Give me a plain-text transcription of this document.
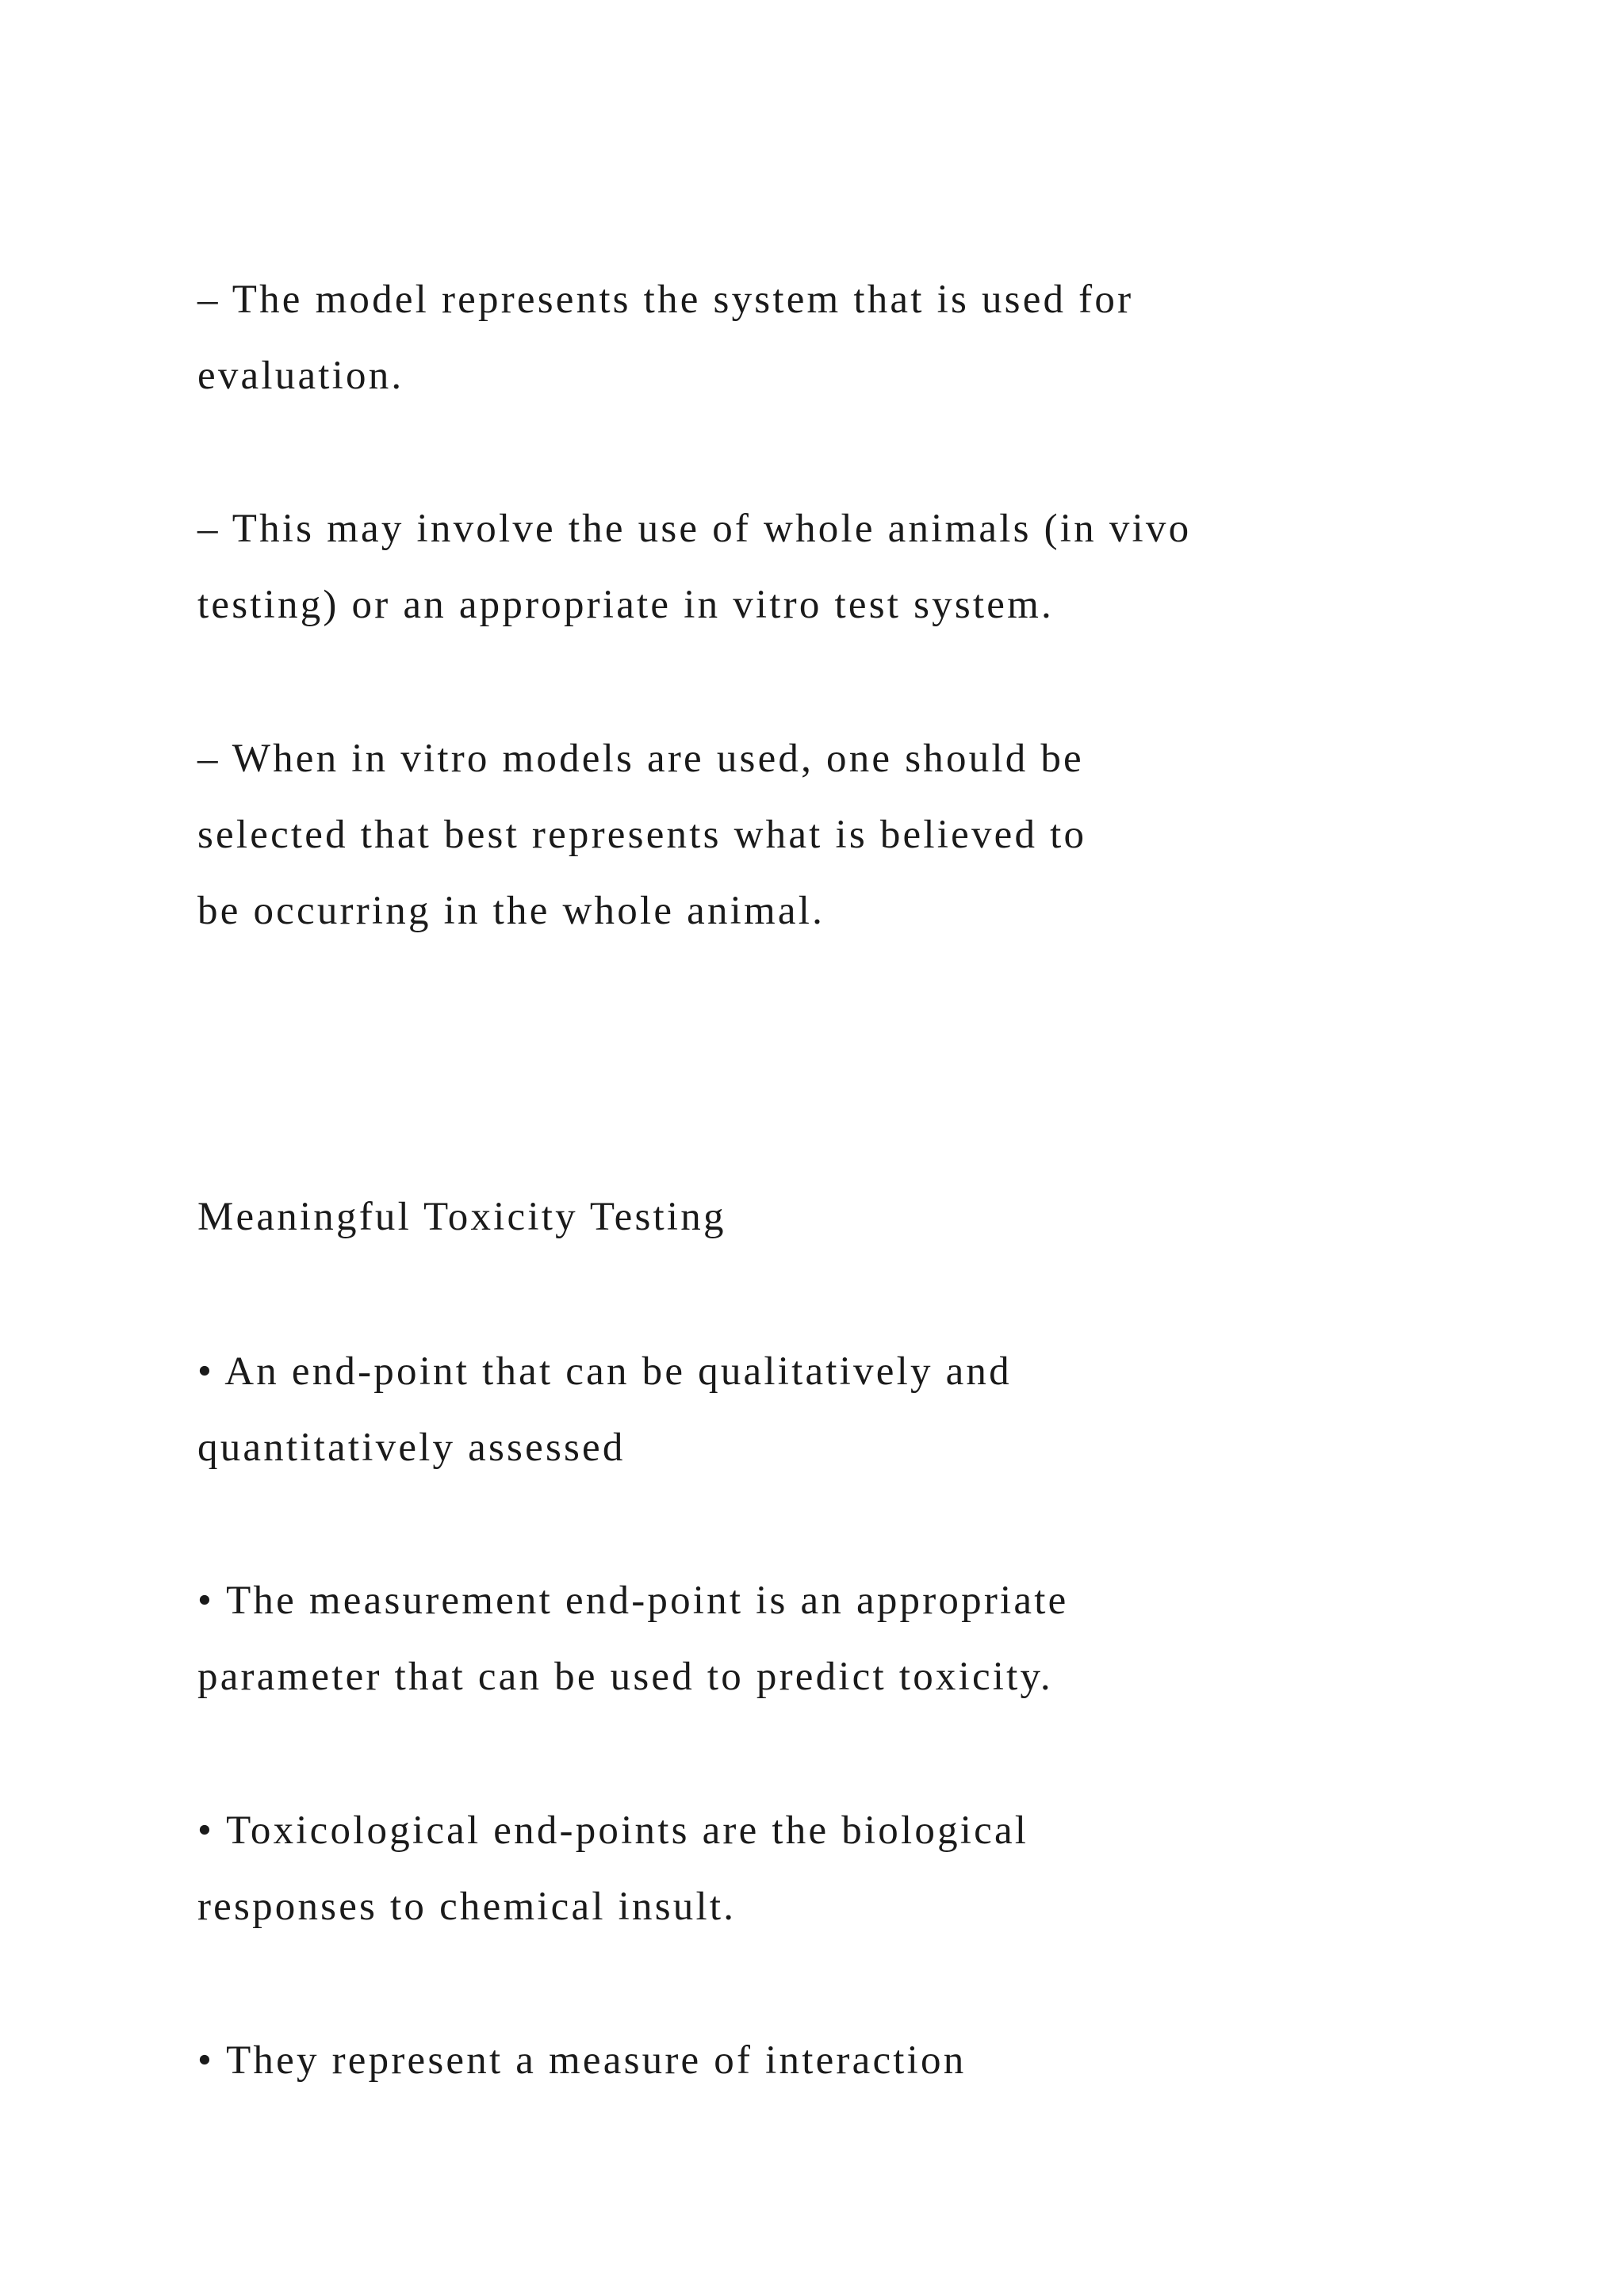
– The model represents the system that is used for

evaluation.

– This may involve the use of whole animals (in vivo

testing) or an appropriate in vitro test system.

– When in vitro models are used, one should be

selected that best represents what is believed to

be occurring in the whole animal.

Meaningful Toxicity Testing

• An end-point that can be qualitatively and

quantitatively assessed

• The measurement end-point is an appropriate

parameter that can be used to predict toxicity.

• Toxicological end-points are the biological

responses to chemical insult.

• They represent a measure of interaction
